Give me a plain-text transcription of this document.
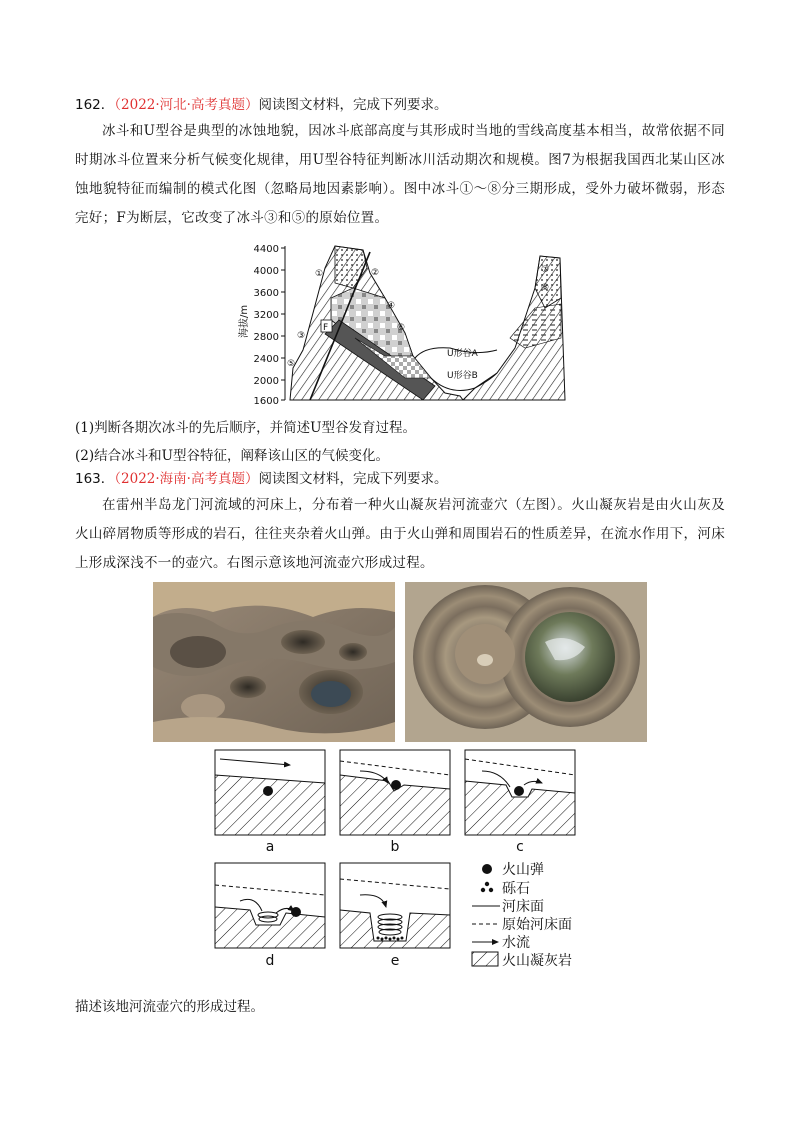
162．（2022·河北·高考真题）阅读图文材料，完成下列要求。
冰斗和U型谷是典型的冰蚀地貌，因冰斗底部高度与其形成时当地的雪线高度基本相当，故常依据不同时期冰斗位置来分析气候变化规律，用U型谷特征判断冰川活动期次和规模。图7为根据我国西北某山区冰蚀地貌特征而编制的模式化图（忽略局地因素影响）。图中冰斗①～⑧分三期形成，受外力破坏微弱，形态完好；F为断层，它改变了冰斗③和⑤的原始位置。
4400
4000
3600
3200
2800
2400
2000
1600
海拔/m
①	②
③
④
⑤
⑥
⑦
⑧
F
U形谷A
U形谷B
(1)判断各期次冰斗的先后顺序，并简述U型谷发育过程。
(2)结合冰斗和U型谷特征，阐释该山区的气候变化。
163．（2022·海南·高考真题）阅读图文材料，完成下列要求。
在雷州半岛龙门河流域的河床上，分布着一种火山凝灰岩河流壶穴（左图）。火山凝灰岩是由火山灰及火山碎屑物质等形成的岩石，往往夹杂着火山弹。由于火山弹和周围岩石的性质差异，在流水作用下，河床上形成深浅不一的壶穴。右图示意该地河流壶穴形成过程。
a	b	c
d	e
火山弹
砾石
河床面
原始河床面
水流
火山凝灰岩
描述该地河流壶穴的形成过程。
